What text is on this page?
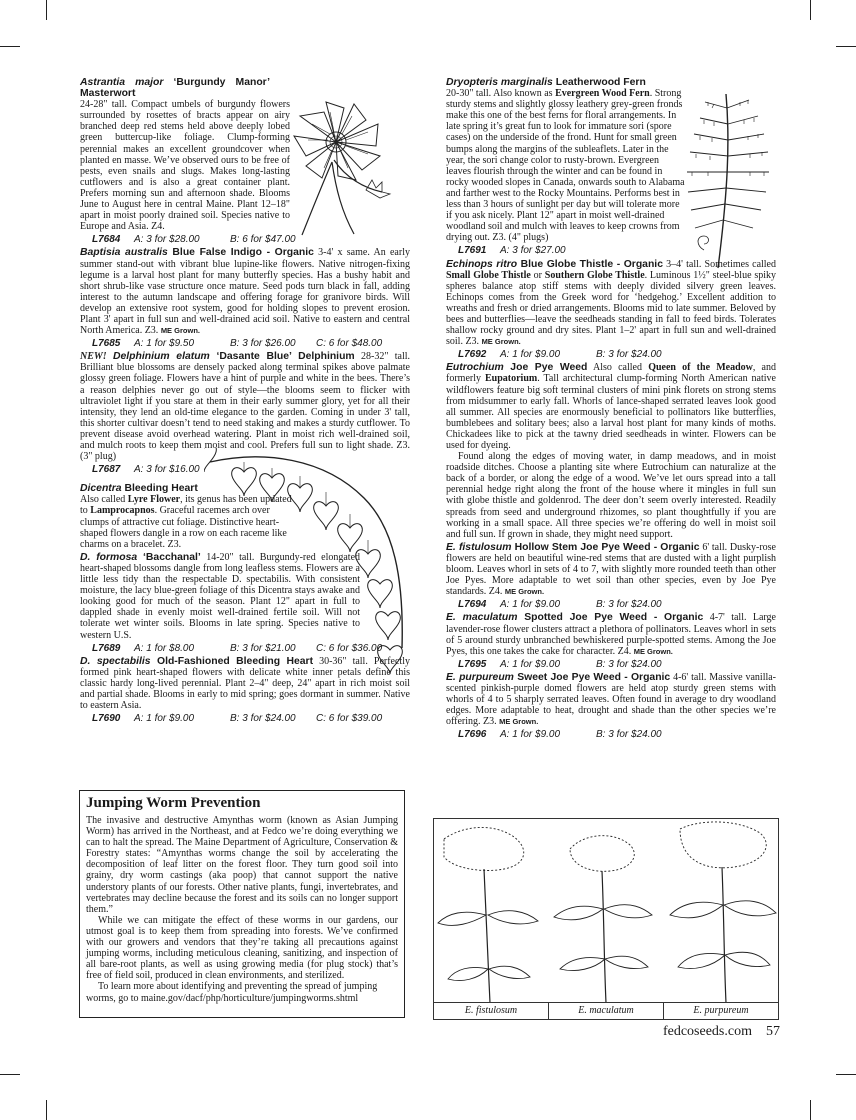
Astrantia major ‘Burgundy Manor’ Masterwort

24-28" tall. Compact umbels of burgundy flowers surrounded by rosettes of bracts appear on airy branched deep red stems held above deeply lobed green buttercup-like foliage. Clump-forming perennial makes an excellent groundcover when planted en masse. We’ve observed ours to be free of pests, even snails and slugs. Makes long-lasting cutflowers and is also a great container plant. Prefers morning sun and afternoon shade. Blooms June to August here in central Maine. Plant 12–18" apart in moist poorly drained soil. Species native to Europe and Asia. Z4.

L7684	A: 3 for $28.00	B: 6 for $47.00

Baptisia australis Blue False Indigo - Organic 3-4' x same. An early summer stand-out with vibrant blue lupine-like flowers. Native nitrogen-fixing legume is a larval host plant for many butterfly species. Has a bushy habit and short shrub-like vase structure once mature. Seed pods turn black in fall, adding interest to the autumn landscape and offering forage for granivore birds. Will develop an extensive root system, good for holding slopes to prevent erosion. Plant 3' apart in full sun and well-drained acid soil. Native to eastern and central North America. Z3. ME Grown.

L7685	A: 1 for $9.50	B: 3 for $26.00	C: 6 for $48.00

NEW! Delphinium elatum ‘Dasante Blue’ Delphinium 28-32" tall. Brilliant blue blossoms are densely packed along terminal spikes above palmate glossy green foliage. Flowers have a hint of purple and white in the bees. There’s a reason delphies never go out of style—the blooms seem to flicker with ultraviolet light if you stare at them in their early summer glory, yet for all their intensity, they lend an old-time elegance to the garden. Coming in under 3' tall, this shorter cultivar doesn’t tend to need staking and makes a sturdy cutflower. To prevent disease avoid overhead watering. Plant in moist rich well-drained soil, and mulch roots to keep them moist and cool. Prefers full sun to light shade. Z3. (3" plug)

L7687	A: 3 for $16.00

Dicentra Bleeding Heart

Also called Lyre Flower, its genus has been updated to Lamprocapnos. Graceful racemes arch over clumps of attractive cut foliage. Distinctive heart-shaped flowers dangle in a row on each raceme like charms on a bracelet. Z3.

D. formosa ‘Bacchanal’ 14-20" tall. Burgundy-red elongated heart-shaped blossoms dangle from long leafless stems. Flowers are a little less tidy than the respectable D. spectabilis. With consistent moisture, the lacy blue-green foliage of this Dicentra stays awake and looking good for much of the season. Plant 12" apart in full to dappled shade in evenly moist well-drained fertile soil. Will not tolerate wet winter soils. Blooms in late spring. Species native to western U.S.

L7689	A: 1 for $8.00	B: 3 for $21.00	C: 6 for $36.00

D. spectabilis Old-Fashioned Bleeding Heart 30-36" tall. Perfectly formed pink heart-shaped flowers with delicate white inner petals define this classic hardy long-lived perennial. Plant 2–4" deep, 24" apart in rich moist soil and partial shade. Blooms in early to mid spring; goes dormant in summer. Native to eastern Asia.

L7690	A: 1 for $9.00	B: 3 for $24.00	C: 6 for $39.00
Jumping Worm Prevention

The invasive and destructive Amynthas worm (known as Asian Jumping Worm) has arrived in the Northeast, and at Fedco we’re doing everything we can to halt the spread. The Maine Department of Agriculture, Conservation & Forestry states: “Amynthas worms change the soil by accelerating the decomposition of leaf litter on the forest floor. They turn good soil into grainy, dry worm castings (aka poop) that cannot support the native understory plants of our forests. Other native plants, fungi, invertebrates, and vertebrates may decline because the forest and its soils can no longer support them.”

While we can mitigate the effect of these worms in our gardens, our utmost goal is to keep them from spreading into forests. We’ve confirmed with our growers and vendors that they’re taking all precautions against jumping worms, including meticulous cleaning, sanitizing, and inspection of all bare-root plants, as well as using growing media (for plug stock) that’s free of field soil, produced in clean environments, and sterilized.

To learn more about identifying and preventing the spread of jumping worms, go to maine.gov/dacf/php/horticulture/jumpingworms.shtml

Dryopteris marginalis Leatherwood Fern

20-30" tall. Also known as Evergreen Wood Fern. Strong sturdy stems and slightly glossy leathery grey-green fronds make this one of the best ferns for floral arrangements. In late spring it’s great fun to look for immature sori (spore cases) on the underside of the frond. Hunt for small green bumps along the margins of the subleaflets. Later in the year, the sori change color to rusty-brown. Evergreen leaves flourish through the winter and can be found in rocky wooded slopes in Canada, onwards south to Alabama and farther west to the Rocky Mountains. Performs best in less than 3 hours of sunlight per day but will tolerate more if you ask nicely. Plant 12" apart in moist well-drained woodland soil and mulch with leaves to keep crowns from drying out. Z3. (4" plugs)

L7691	A: 3 for $27.00

Echinops ritro Blue Globe Thistle - Organic 3–4' tall. Sometimes called Small Globe Thistle or Southern Globe Thistle. Luminous 1½" steel-blue spiky spheres balance atop stiff stems with deeply divided silvery green leaves. Echinops comes from the Greek word for ‘hedgehog.’ Excellent addition to wreaths and fresh or dried arrangements. Blooms mid to late summer. Beloved by bees and butterflies—leave the seedheads standing in fall to feed birds. Tolerates shallow rocky ground and dry sites. Plant 1–2' apart in full sun and well-drained soil. Z3. ME Grown.

L7692	A: 1 for $9.00	B: 3 for $24.00

Eutrochium Joe Pye Weed Also called Queen of the Meadow, and formerly Eupatorium. Tall architectural clump-forming North American native wildflowers feature big soft terminal clusters of mini pink florets on strong stems from midsummer to early fall. Whorls of lance-shaped serrated leaves look good all summer. All species are enormously beneficial to pollinators like butterflies, bumblebees and solitary bees; also a larval host plant for many kinds of moths. Chickadees like to pick at the tawny dried seedheads in winter. Flowers can be used for dyeing.

Found along the edges of moving water, in damp meadows, and in moist roadside ditches. Choose a planting site where Eutrochium can naturalize at the back of a border, or along the edge of a wood. We’ve let ours spread into a tall perennial hedge right along the front of the house where it mingles in full sun with globe thistle and goldenrod. The deer don’t seem overly interested. Readily spreads from seed and underground rhizomes, so plant thoughtfully if you are working in a small space. All three species we’re offering do well in moist soil and full sun. If grown in shade, they might need support.

E. fistulosum Hollow Stem Joe Pye Weed - Organic 6' tall. Dusky-rose flowers are held on beautiful wine-red stems that are dusted with a light purplish bloom. Leaves whorl in sets of 4 to 7, with slightly more rounded teeth than other Joe Pyes. More adaptable to wet soil than other species, even by Joe Pye standards. Z4. ME Grown.

L7694	A: 1 for $9.00	B: 3 for $24.00

E. maculatum Spotted Joe Pye Weed - Organic 4-7' tall. Large lavender-rose flower clusters attract a plethora of pollinators. Leaves whorl in sets of 5 around sturdy unbranched bewhiskered purple-spotted stems. Among the Joe Pyes, this one takes the cake for character. Z4. ME Grown.

L7695	A: 1 for $9.00	B: 3 for $24.00

E. purpureum Sweet Joe Pye Weed - Organic 4-6' tall. Massive vanilla-scented pinkish-purple domed flowers are held atop sturdy green stems with whorls of 4 to 5 sharply serrated leaves. Often found in average to dry woodland edges. More adaptable to heat, drought and shade than the other species we’re offering. Z3. ME Grown.

L7696	A: 1 for $9.00	B: 3 for $24.00
E. fistulosum	E. maculatum	E. purpureum
fedcoseeds.com 57
